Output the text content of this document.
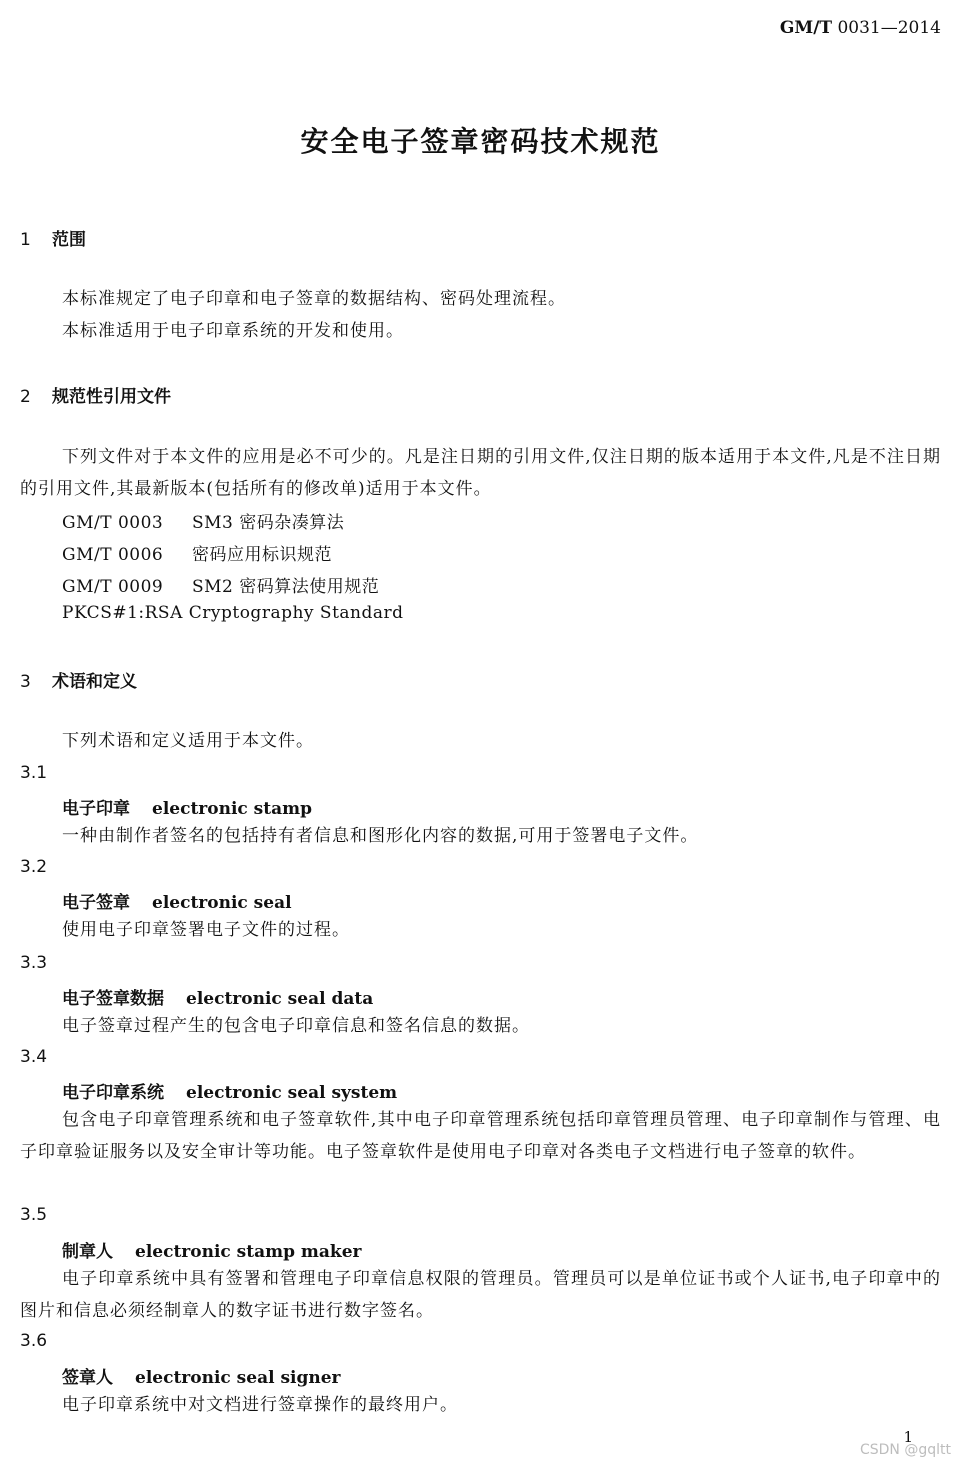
GM/T 0031—2014
安全电子签章密码技术规范
1 范围
本标准规定了电子印章和电子签章的数据结构、密码处理流程。
本标准适用于电子印章系统的开发和使用。
2 规范性引用文件
下列文件对于本文件的应用是必不可少的。凡是注日期的引用文件,仅注日期的版本适用于本文件,凡是不注日期的引用文件,其最新版本(包括所有的修改单)适用于本文件。
GM/T 0003 SM3 密码杂凑算法
GM/T 0006 密码应用标识规范
GM/T 0009 SM2 密码算法使用规范
PKCS#1:RSA Cryptography Standard
3 术语和定义
下列术语和定义适用于本文件。
3.1
电子印章 electronic stamp
一种由制作者签名的包括持有者信息和图形化内容的数据,可用于签署电子文件。
3.2
电子签章 electronic seal
使用电子印章签署电子文件的过程。
3.3
电子签章数据 electronic seal data
电子签章过程产生的包含电子印章信息和签名信息的数据。
3.4
电子印章系统 electronic seal system
包含电子印章管理系统和电子签章软件,其中电子印章管理系统包括印章管理员管理、电子印章制作与管理、电子印章验证服务以及安全审计等功能。电子签章软件是使用电子印章对各类电子文档进行电子签章的软件。
3.5
制章人 electronic stamp maker
电子印章系统中具有签署和管理电子印章信息权限的管理员。管理员可以是单位证书或个人证书,电子印章中的图片和信息必须经制章人的数字证书进行数字签名。
3.6
签章人 electronic seal signer
电子印章系统中对文档进行签章操作的最终用户。
1
CSDN @gqltt
